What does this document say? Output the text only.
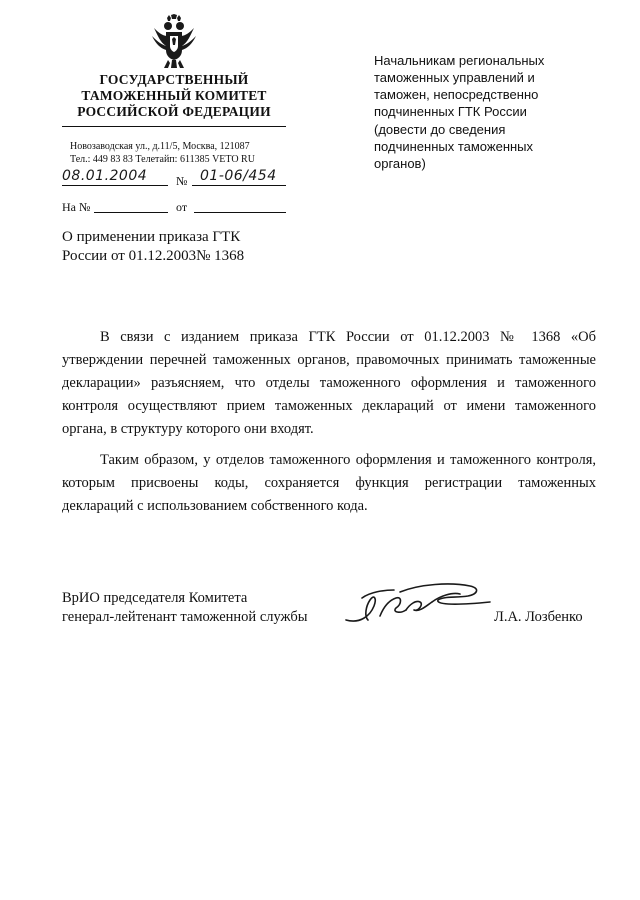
ГОСУДАРСТВЕННЫЙ
ТАМОЖЕННЫЙ КОМИТЕТ
РОССИЙСКОЙ ФЕДЕРАЦИИ
Новозаводская ул., д.11/5, Москва, 121087
Тел.: 449 83 83 Телетайп: 611385 VETO RU
08.01.2004 № 01-06/454
На №	от

Начальникам региональных таможенных управлений и таможен, непосредственно подчиненных ГТК России

(довести до сведения подчиненных таможенных органов)

О применении приказа ГТК
России от 01.12.2003№ 1368

В связи с изданием приказа ГТК России от 01.12.2003 № 1368 «Об утверждении перечней таможенных органов, правомочных принимать таможенные декларации» разъясняем, что отделы таможенного оформления и таможенного контроля осуществляют прием таможенных деклараций от имени таможенного органа, в структуру которого они входят.

Таким образом, у отделов таможенного оформления и таможенного контроля, которым присвоены коды, сохраняется функция регистрации таможенных деклараций с использованием собственного кода.

ВрИО председателя Комитета
генерал-лейтенант таможенной службы	Л.А. Лозбенко
